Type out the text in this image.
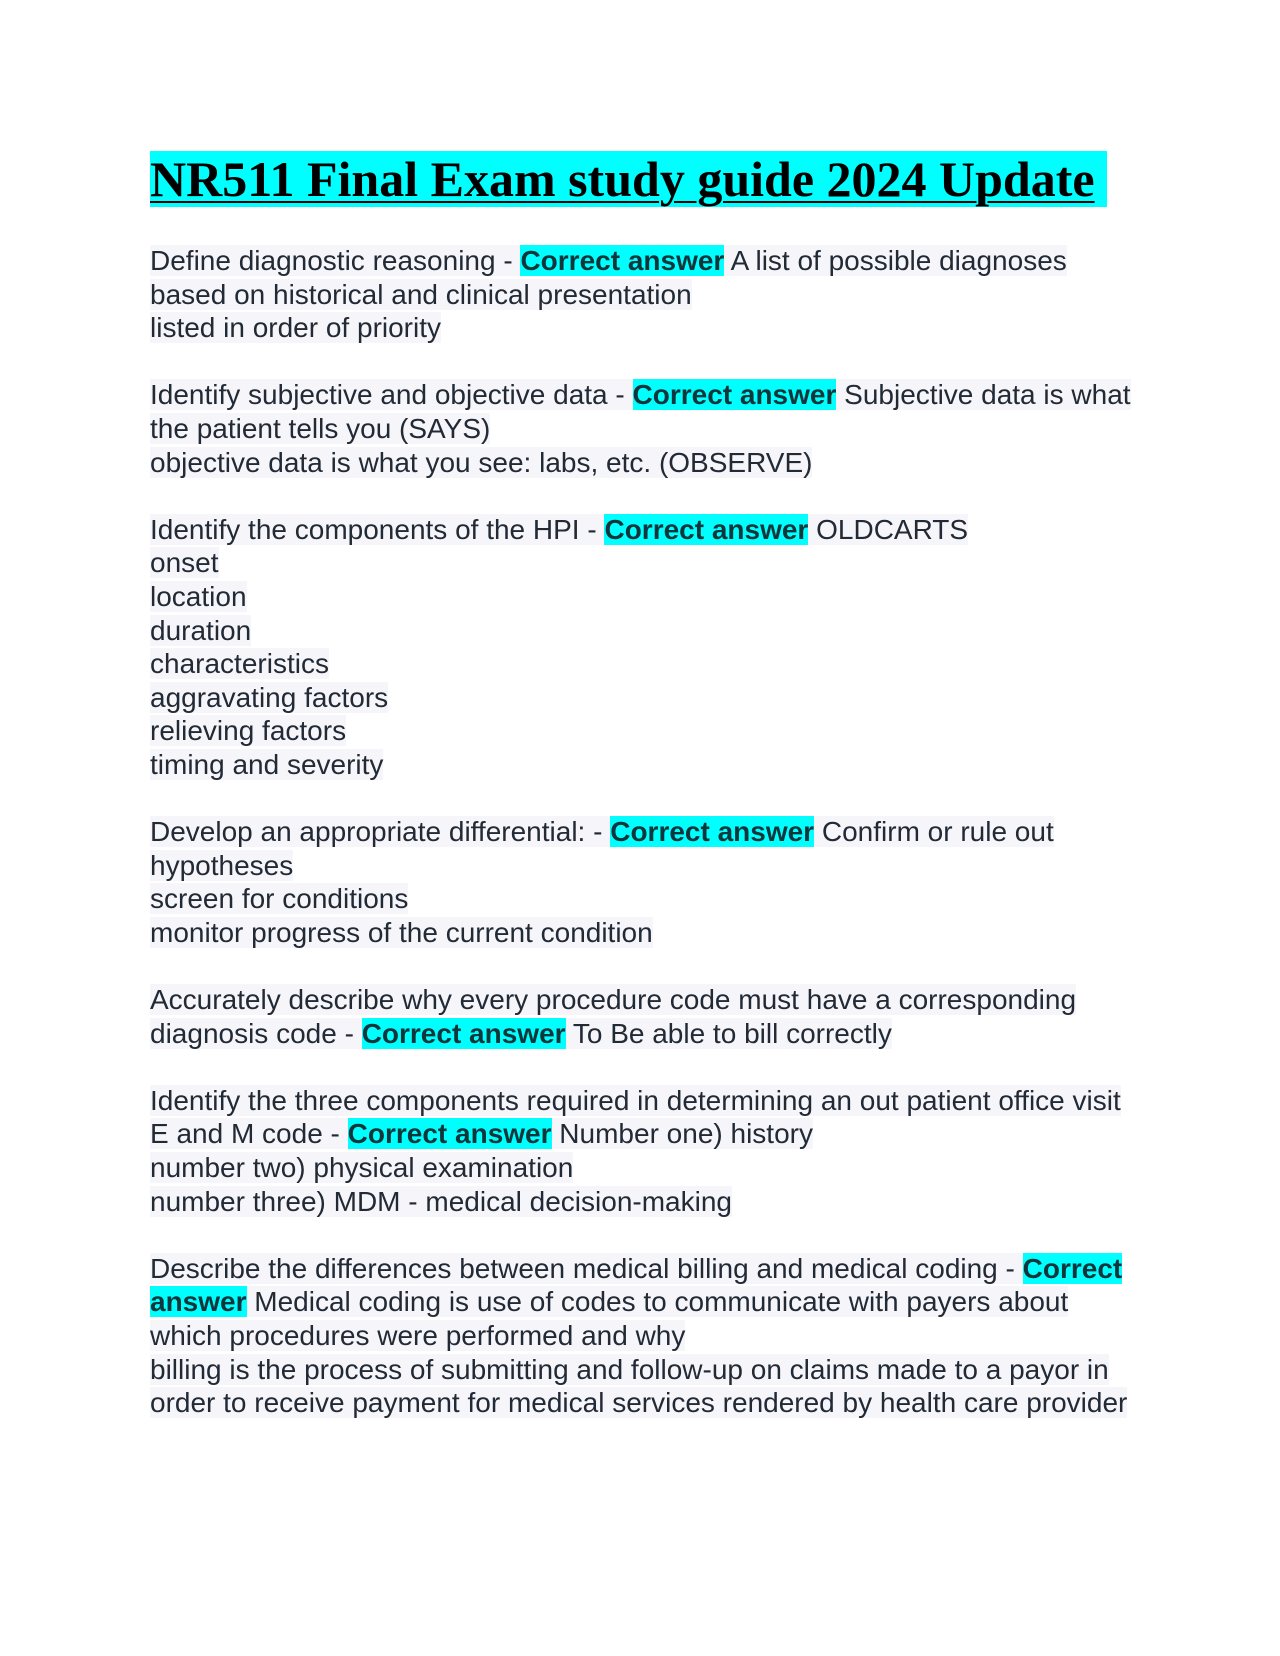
NR511 Final Exam study guide 2024 Update
Define diagnostic reasoning - Correct answer A list of possible diagnoses based on historical and clinical presentation
listed in order of priority
Identify subjective and objective data - Correct answer Subjective data is what the patient tells you (SAYS)
objective data is what you see: labs, etc. (OBSERVE)
Identify the components of the HPI - Correct answer OLDCARTS
onset
location
duration
characteristics
aggravating factors
relieving factors
timing and severity
Develop an appropriate differential: - Correct answer Confirm or rule out hypotheses
screen for conditions
monitor progress of the current condition
Accurately describe why every procedure code must have a corresponding diagnosis code - Correct answer To Be able to bill correctly
Identify the three components required in determining an out patient office visit E and M code - Correct answer Number one) history
number two) physical examination
number three) MDM - medical decision-making
Describe the differences between medical billing and medical coding - Correct answer Medical coding is use of codes to communicate with payers about which procedures were performed and why
billing is the process of submitting and follow-up on claims made to a payor in order to receive payment for medical services rendered by health care provider
